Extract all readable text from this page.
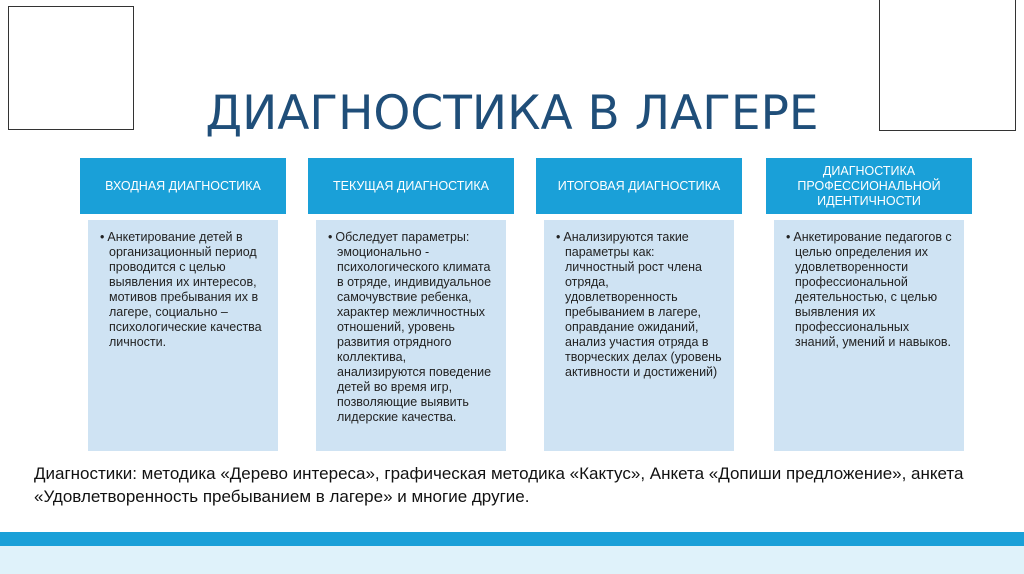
ДИАГНОСТИКА В ЛАГЕРЕ
ВХОДНАЯ ДИАГНОСТИКА
• Анкетирование детей в организационный период проводится с целью выявления их интересов, мотивов пребывания их в лагере, социально – психологические качества личности.
ТЕКУЩАЯ ДИАГНОСТИКА
• Обследует параметры: эмоционально - психологического климата в отряде, индивидуальное самочувствие ребенка, характер межличностных отношений, уровень развития отрядного коллектива, анализируются поведение детей во время игр, позволяющие выявить лидерские качества.
ИТОГОВАЯ ДИАГНОСТИКА
• Анализируются такие параметры как: личностный рост члена отряда, удовлетворенность пребыванием в лагере, оправдание ожиданий, анализ участия отряда в творческих делах (уровень активности и достижений)
ДИАГНОСТИКА ПРОФЕССИОНАЛЬНОЙ ИДЕНТИЧНОСТИ
• Анкетирование педагогов с целью определения их удовлетворенности профессиональной деятельностью, с целью выявления их профессиональных знаний, умений и навыков.
Диагностики: методика «Дерево интереса», графическая методика «Кактус», Анкета «Допиши предложение», анкета «Удовлетворенность пребыванием в лагере» и многие другие.
